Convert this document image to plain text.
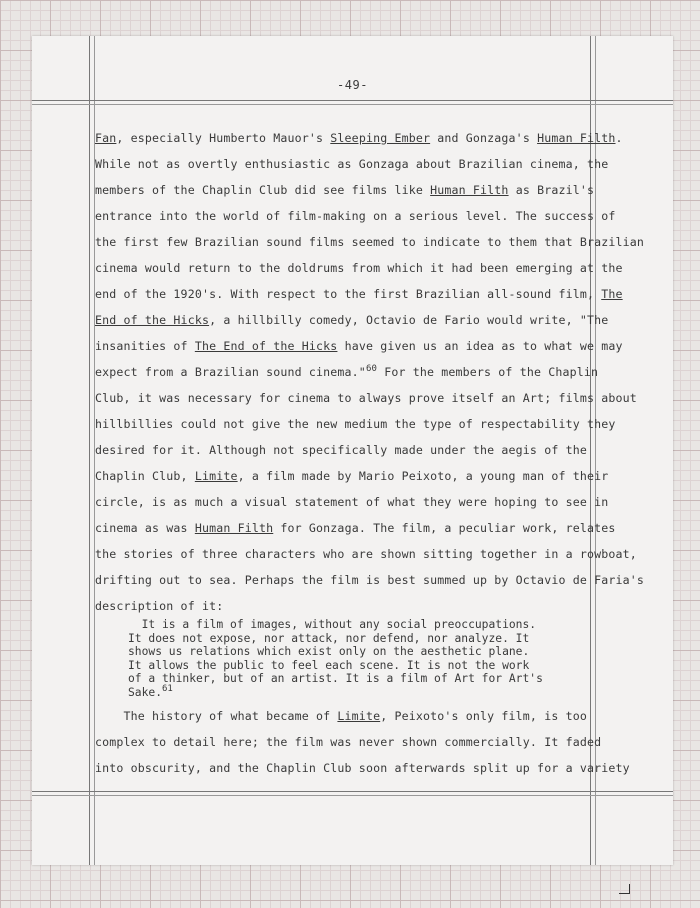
-49-
Fan, especially Humberto Mauor's Sleeping Ember and Gonzaga's Human Filth.
While not as overtly enthusiastic as Gonzaga about Brazilian cinema, the
members of the Chaplin Club did see films like Human Filth as Brazil's
entrance into the world of film-making on a serious level. The success of
the first few Brazilian sound films seemed to indicate to them that Brazilian
cinema would return to the doldrums from which it had been emerging at the
end of the 1920's. With respect to the first Brazilian all-sound film, The
End of the Hicks, a hillbilly comedy, Octavio de Fario would write, "The
insanities of The End of the Hicks have given us an idea as to what we may
expect from a Brazilian sound cinema."$^{60}$ For the members of the Chaplin
Club, it was necessary for cinema to always prove itself an Art; films about
hillbillies could not give the new medium the type of respectability they
desired for it. Although not specifically made under the aegis of the
Chaplin Club, Limite, a film made by Mario Peixoto, a young man of their
circle, is as much a visual statement of what they were hoping to see in
cinema as was Human Filth for Gonzaga. The film, a peculiar work, relates
the stories of three characters who are shown sitting together in a rowboat,
drifting out to sea. Perhaps the film is best summed up by Octavio de Faria's
description of it:
It is a film of images, without any social preoccupations.
It does not expose, nor attack, nor defend, nor analyze. It
shows us relations which exist only on the aesthetic plane.
It allows the public to feel each scene. It is not the work
of a thinker, but of an artist. It is a film of Art for Art's
Sake.$^{61}$
The history of what became of Limite, Peixoto's only film, is too
complex to detail here; the film was never shown commercially. It faded
into obscurity, and the Chaplin Club soon afterwards split up for a variety
